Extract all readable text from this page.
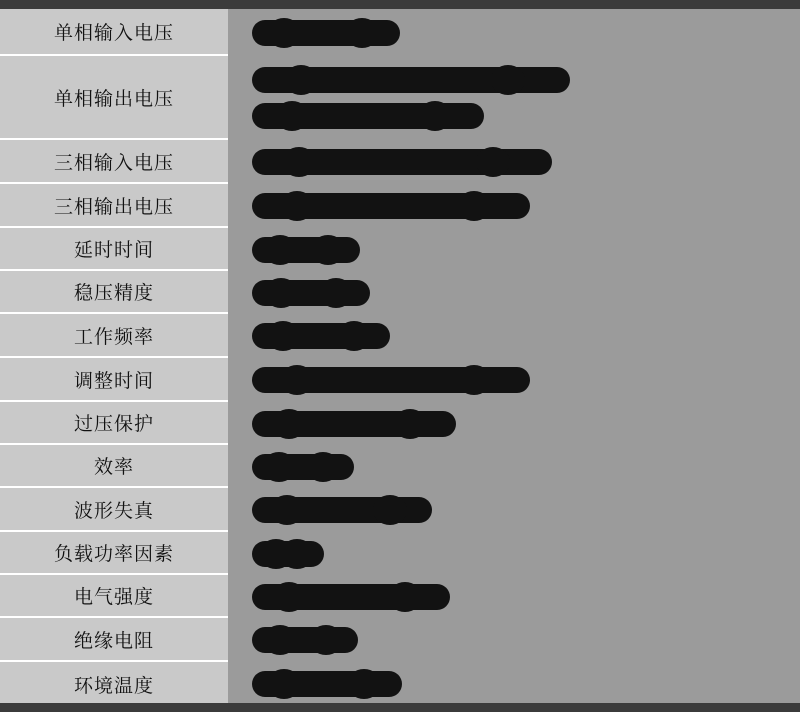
单相输入电压
单相输出电压
三相输入电压
三相输出电压
延时时间
稳压精度
工作频率
调整时间
过压保护
效率
波形失真
负载功率因素
电气强度
绝缘电阻
环境温度
